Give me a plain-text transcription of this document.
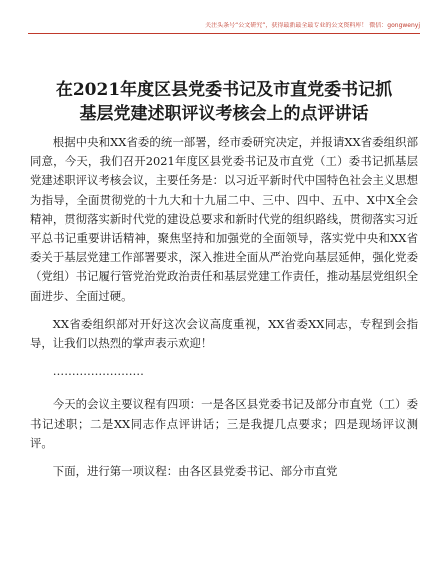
关注头条号“公文研究”，获得最新最全最专业的公文资料库！ 微信：gongwenyj
在2021年度区县党委书记及市直党委书记抓
基层党建述职评议考核会上的点评讲话

根据中央和XX省委的统一部署，经市委研究决定，并报请XX省委组织部同意，今天，我们召开2021年度区县党委书记及市直党（工）委书记抓基层党建述职评议考核会议，主要任务是：以习近平新时代中国特色社会主义思想为指导，全面贯彻党的十九大和十九届二中、三中、四中、五中、X中X全会精神，贯彻落实新时代党的建设总要求和新时代党的组织路线，贯彻落实习近平总书记重要讲话精神，聚焦坚持和加强党的全面领导，落实党中央和XX省委关于基层党建工作部署要求，深入推进全面从严治党向基层延伸，强化党委（党组）书记履行管党治党政治责任和基层党建工作责任，推动基层党组织全面进步、全面过硬。

XX省委组织部对开好这次会议高度重视，XX省委XX同志，专程到会指导，让我们以热烈的掌声表示欢迎！

……………………

今天的会议主要议程有四项：一是各区县党委书记及部分市直党（工）委书记述职；二是XX同志作点评讲话；三是我提几点要求；四是现场评议测评。

下面，进行第一项议程：由各区县党委书记、部分市直党
